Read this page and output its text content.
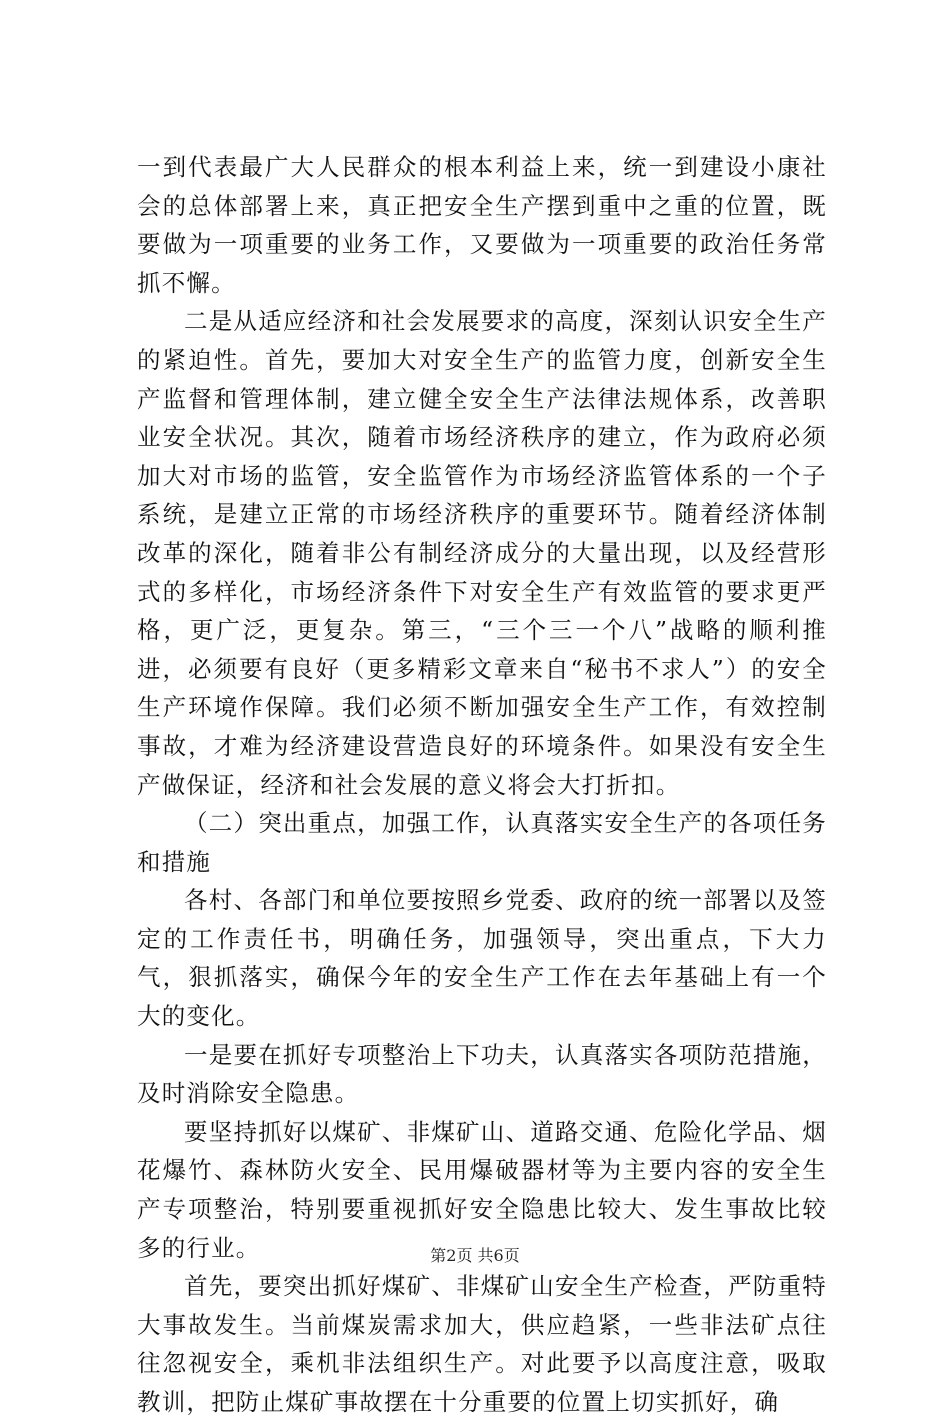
一到代表最广大人民群众的根本利益上来，统一到建设小康社会的总体部署上来，真正把安全生产摆到重中之重的位置，既要做为一项重要的业务工作，又要做为一项重要的政治任务常抓不懈。

二是从适应经济和社会发展要求的高度，深刻认识安全生产的紧迫性。首先，要加大对安全生产的监管力度，创新安全生产监督和管理体制，建立健全安全生产法律法规体系，改善职业安全状况。其次，随着市场经济秩序的建立，作为政府必须加大对市场的监管，安全监管作为市场经济监管体系的一个子系统，是建立正常的市场经济秩序的重要环节。随着经济体制改革的深化，随着非公有制经济成分的大量出现，以及经营形式的多样化，市场经济条件下对安全生产有效监管的要求更严格，更广泛，更复杂。第三，“三个三一个八”战略的顺利推进，必须要有良好（更多精彩文章来自“秘书不求人”）的安全生产环境作保障。我们必须不断加强安全生产工作，有效控制事故，才难为经济建设营造良好的环境条件。如果没有安全生产做保证，经济和社会发展的意义将会大打折扣。

（二）突出重点，加强工作，认真落实安全生产的各项任务和措施

各村、各部门和单位要按照乡党委、政府的统一部署以及签定的工作责任书，明确任务，加强领导，突出重点，下大力气，狠抓落实，确保今年的安全生产工作在去年基础上有一个大的变化。

一是要在抓好专项整治上下功夫，认真落实各项防范措施，及时消除安全隐患。

要坚持抓好以煤矿、非煤矿山、道路交通、危险化学品、烟花爆竹、森林防火安全、民用爆破器材等为主要内容的安全生产专项整治，特别要重视抓好安全隐患比较大、发生事故比较多的行业。

首先，要突出抓好煤矿、非煤矿山安全生产检查，严防重特大事故发生。当前煤炭需求加大，供应趋紧，一些非法矿点往往忽视安全，乘机非法组织生产。对此要予以高度注意，吸取教训，把防止煤矿事故摆在十分重要的位置上切实抓好，确

第2页 共6页
